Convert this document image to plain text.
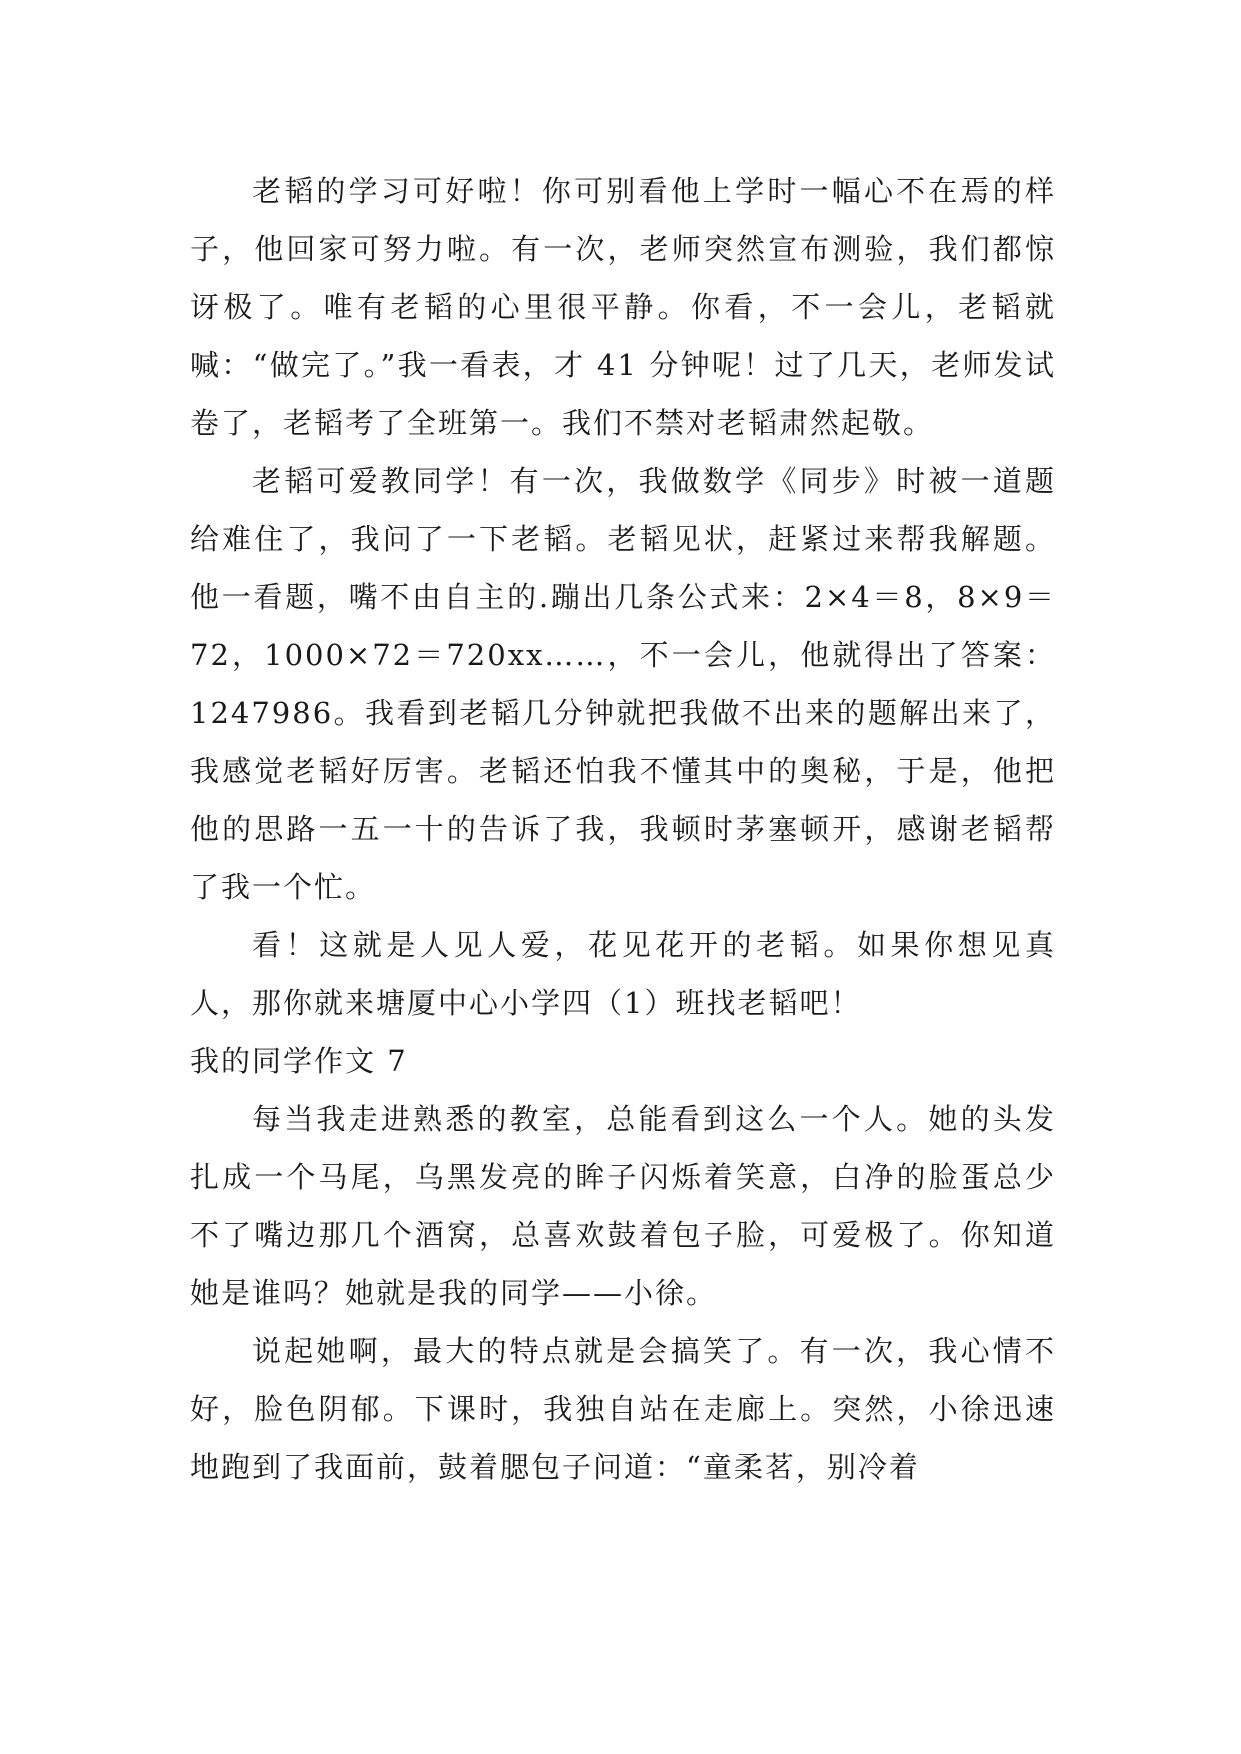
老韬的学习可好啦！你可别看他上学时一幅心不在焉的样子，他回家可努力啦。有一次，老师突然宣布测验，我们都惊讶极了。唯有老韬的心里很平静。你看，不一会儿，老韬就喊：“做完了。”我一看表，才 41 分钟呢！过了几天，老师发试卷了，老韬考了全班第一。我们不禁对老韬肃然起敬。

老韬可爱教同学！有一次，我做数学《同步》时被一道题给难住了，我问了一下老韬。老韬见状，赶紧过来帮我解题。他一看题，嘴不由自主的.蹦出几条公式来：2×4＝8，8×9＝72，1000×72＝720xx……，不一会儿，他就得出了答案：1247986。我看到老韬几分钟就把我做不出来的题解出来了，我感觉老韬好厉害。老韬还怕我不懂其中的奥秘，于是，他把他的思路一五一十的告诉了我，我顿时茅塞顿开，感谢老韬帮了我一个忙。

看！这就是人见人爱，花见花开的老韬。如果你想见真人，那你就来塘厦中心小学四（1）班找老韬吧！

我的同学作文 7

每当我走进熟悉的教室，总能看到这么一个人。她的头发扎成一个马尾，乌黑发亮的眸子闪烁着笑意，白净的脸蛋总少不了嘴边那几个酒窝，总喜欢鼓着包子脸，可爱极了。你知道她是谁吗？她就是我的同学——小徐。

说起她啊，最大的特点就是会搞笑了。有一次，我心情不好，脸色阴郁。下课时，我独自站在走廊上。突然，小徐迅速地跑到了我面前，鼓着腮包子问道：“童柔茗，别冷着
